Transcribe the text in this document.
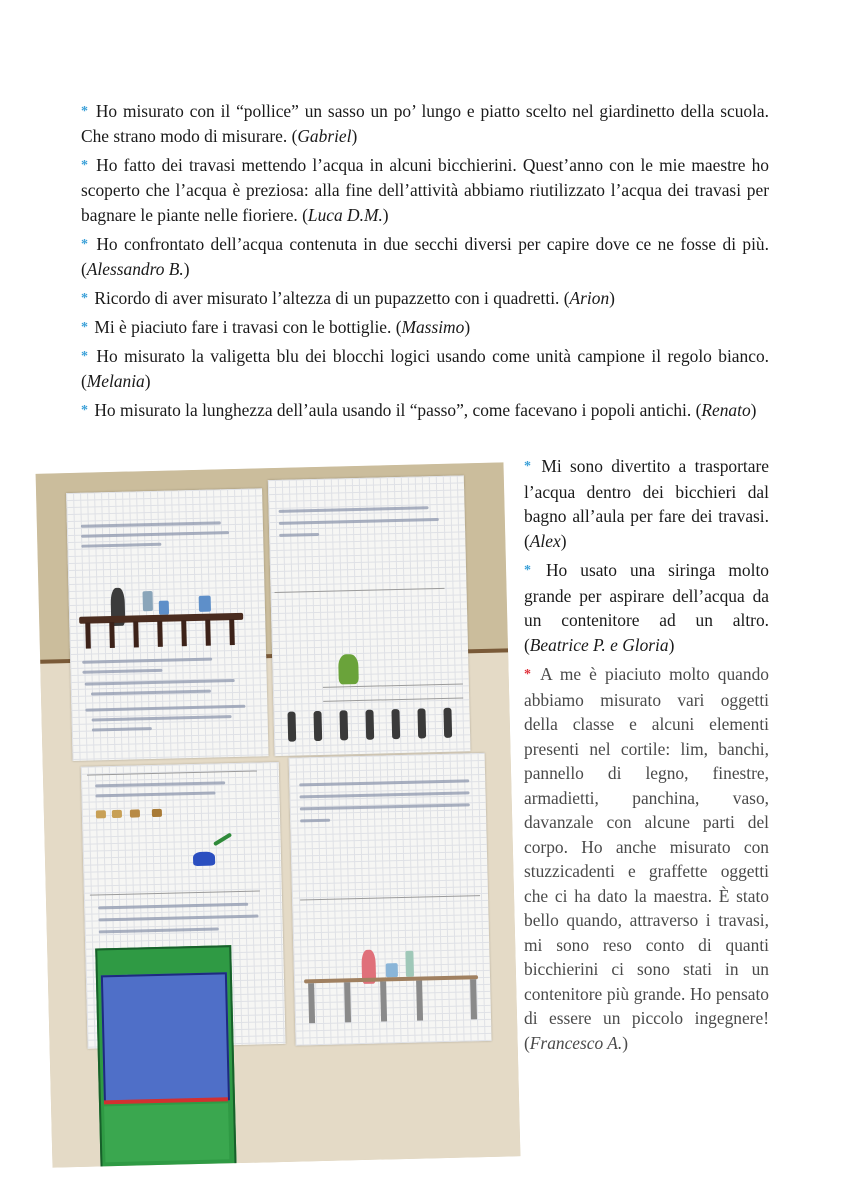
* Ho misurato con il “pollice” un sasso un po’ lungo e piatto scelto nel giardinetto della scuola. Che strano modo di misurare. (Gabriel)

* Ho fatto dei travasi mettendo l’acqua in alcuni bicchierini. Quest’anno con le mie maestre ho scoperto che l’acqua è preziosa: alla fine dell’attività abbiamo riutilizzato l’acqua dei travasi per bagnare le piante nelle fioriere. (Luca D.M.)

* Ho confrontato dell’acqua contenuta in due secchi diversi per capire dove ce ne fosse di più. (Alessandro B.)

* Ricordo di aver misurato l’altezza di un pupazzetto con i quadretti. (Arion)

* Mi è piaciuto fare i travasi con le bottiglie. (Massimo)

* Ho misurato la valigetta blu dei blocchi logici usando come unità campione il regolo bianco. (Melania)

* Ho misurato la lunghezza dell’aula usando il “passo”, come facevano i popoli antichi. (Renato)

* Mi sono divertito a trasportare l’acqua dentro dei bicchieri dal bagno all’aula per fare dei travasi. (Alex)

* Ho usato una siringa molto grande per aspirare dell’acqua da un contenitore ad un altro. (Beatrice P. e Gloria)

* A me è piaciuto molto quando abbiamo misurato vari oggetti della classe e alcuni elementi presenti nel cortile: lim, banchi, pannello di legno, finestre, armadietti, panchina, vaso, davanzale con alcune parti del corpo. Ho anche misurato con stuzzicadenti e graffette oggetti che ci ha dato la maestra. È stato bello quando, attraverso i travasi, mi sono reso conto di quanti bicchierini ci sono stati in un contenitore più grande. Ho pensato di essere un piccolo ingegnere! (Francesco A.)
